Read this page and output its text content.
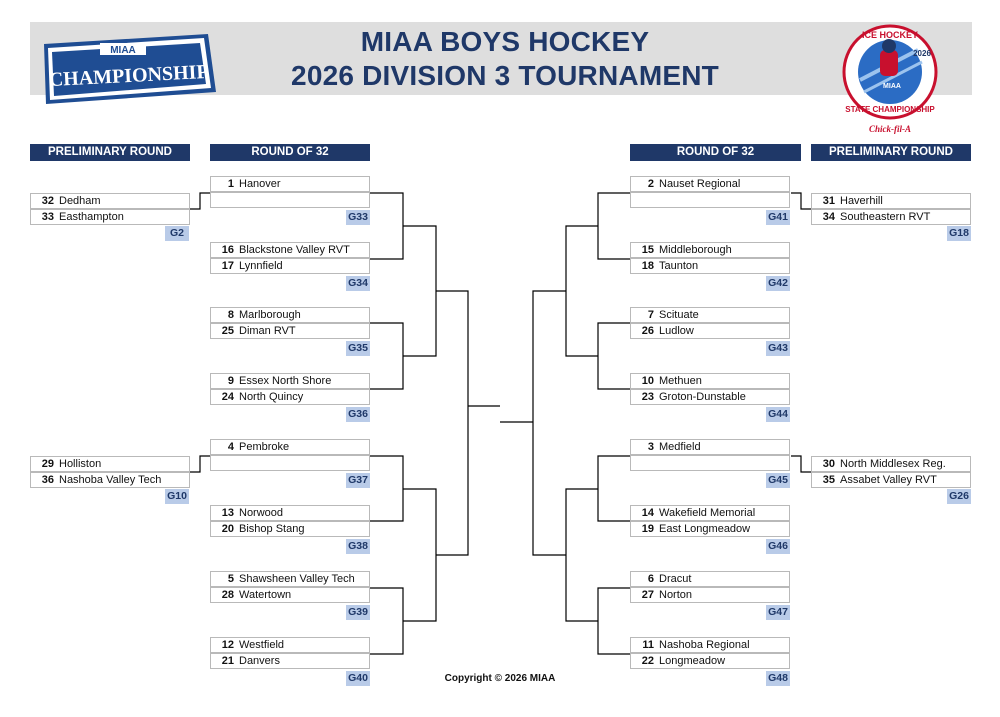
MIAA BOYS HOCKEY
2026 DIVISION 3 TOURNAMENT
MIAA
CHAMPIONSHIP
ICE HOCKEY
2026
MIAA
STATE CHAMPIONSHIP
Chick-fil-A
PRELIMINARY ROUND	ROUND OF 32	ROUND OF 32	PRELIMINARY ROUND
1 Hanover
G33
16 Blackstone Valley RVT
17 Lynnfield
G34
8 Marlborough
25 Diman RVT
G35
9 Essex North Shore
24 North Quincy
G36
4 Pembroke
G37
13 Norwood
20 Bishop Stang
G38
5 Shawsheen Valley Tech
28 Watertown
G39
12 Westfield
21 Danvers
G40
32 Dedham
33 Easthampton
G2
29 Holliston
36 Nashoba Valley Tech
G10
2 Nauset Regional
G41
15 Middleborough
18 Taunton
G42
7 Scituate
26 Ludlow
G43
10 Methuen
23 Groton-Dunstable
G44
3 Medfield
G45
14 Wakefield Memorial
19 East Longmeadow
G46
6 Dracut
27 Norton
G47
11 Nashoba Regional
22 Longmeadow
G48
31 Haverhill
34 Southeastern RVT
G18
30 North Middlesex Reg.
35 Assabet Valley RVT
G26
Copyright © 2026 MIAA
